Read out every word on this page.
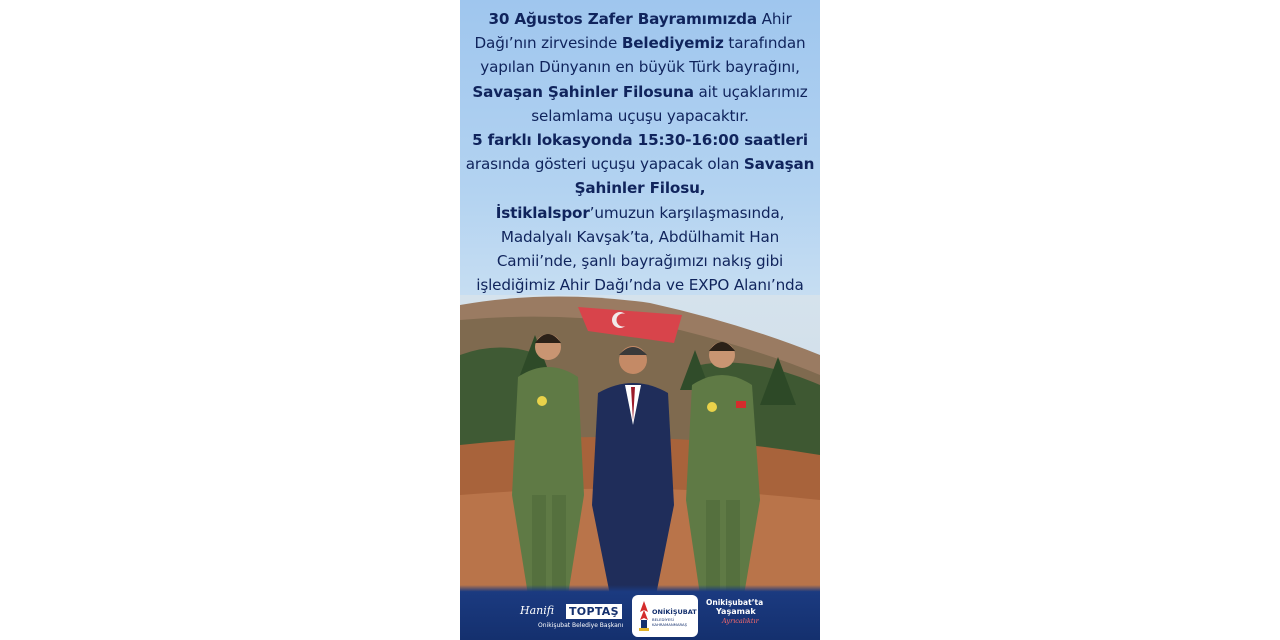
30 Ağustos Zafer Bayramımızda Ahir Dağı’nın zirvesinde Belediyemiz tarafından yapılan Dünyanın en büyük Türk bayrağını, Savaşan Şahinler Filosuna ait uçaklarımız selamlama uçuşu yapacaktır.

5 farklı lokasyonda 15:30-16:00 saatleri arasında gösteri uçuşu yapacak olan Savaşan Şahinler Filosu,
İstiklalspor’umuzun karşılaşmasında, Madalyalı Kavşak’ta, Abdülhamit Han Camii’nde, şanlı bayrağımızı nakış gibi işlediğimiz Ahir Dağı’nda ve EXPO Alanı’nda

Hanifi TOPTAŞ
Onikişubat Belediye Başkanı
ONİKİŞUBAT
BELEDİYESİ
KAHRAMANMARAŞ
Onikişubat’ta
Yaşamak
Ayrıcalıktır
